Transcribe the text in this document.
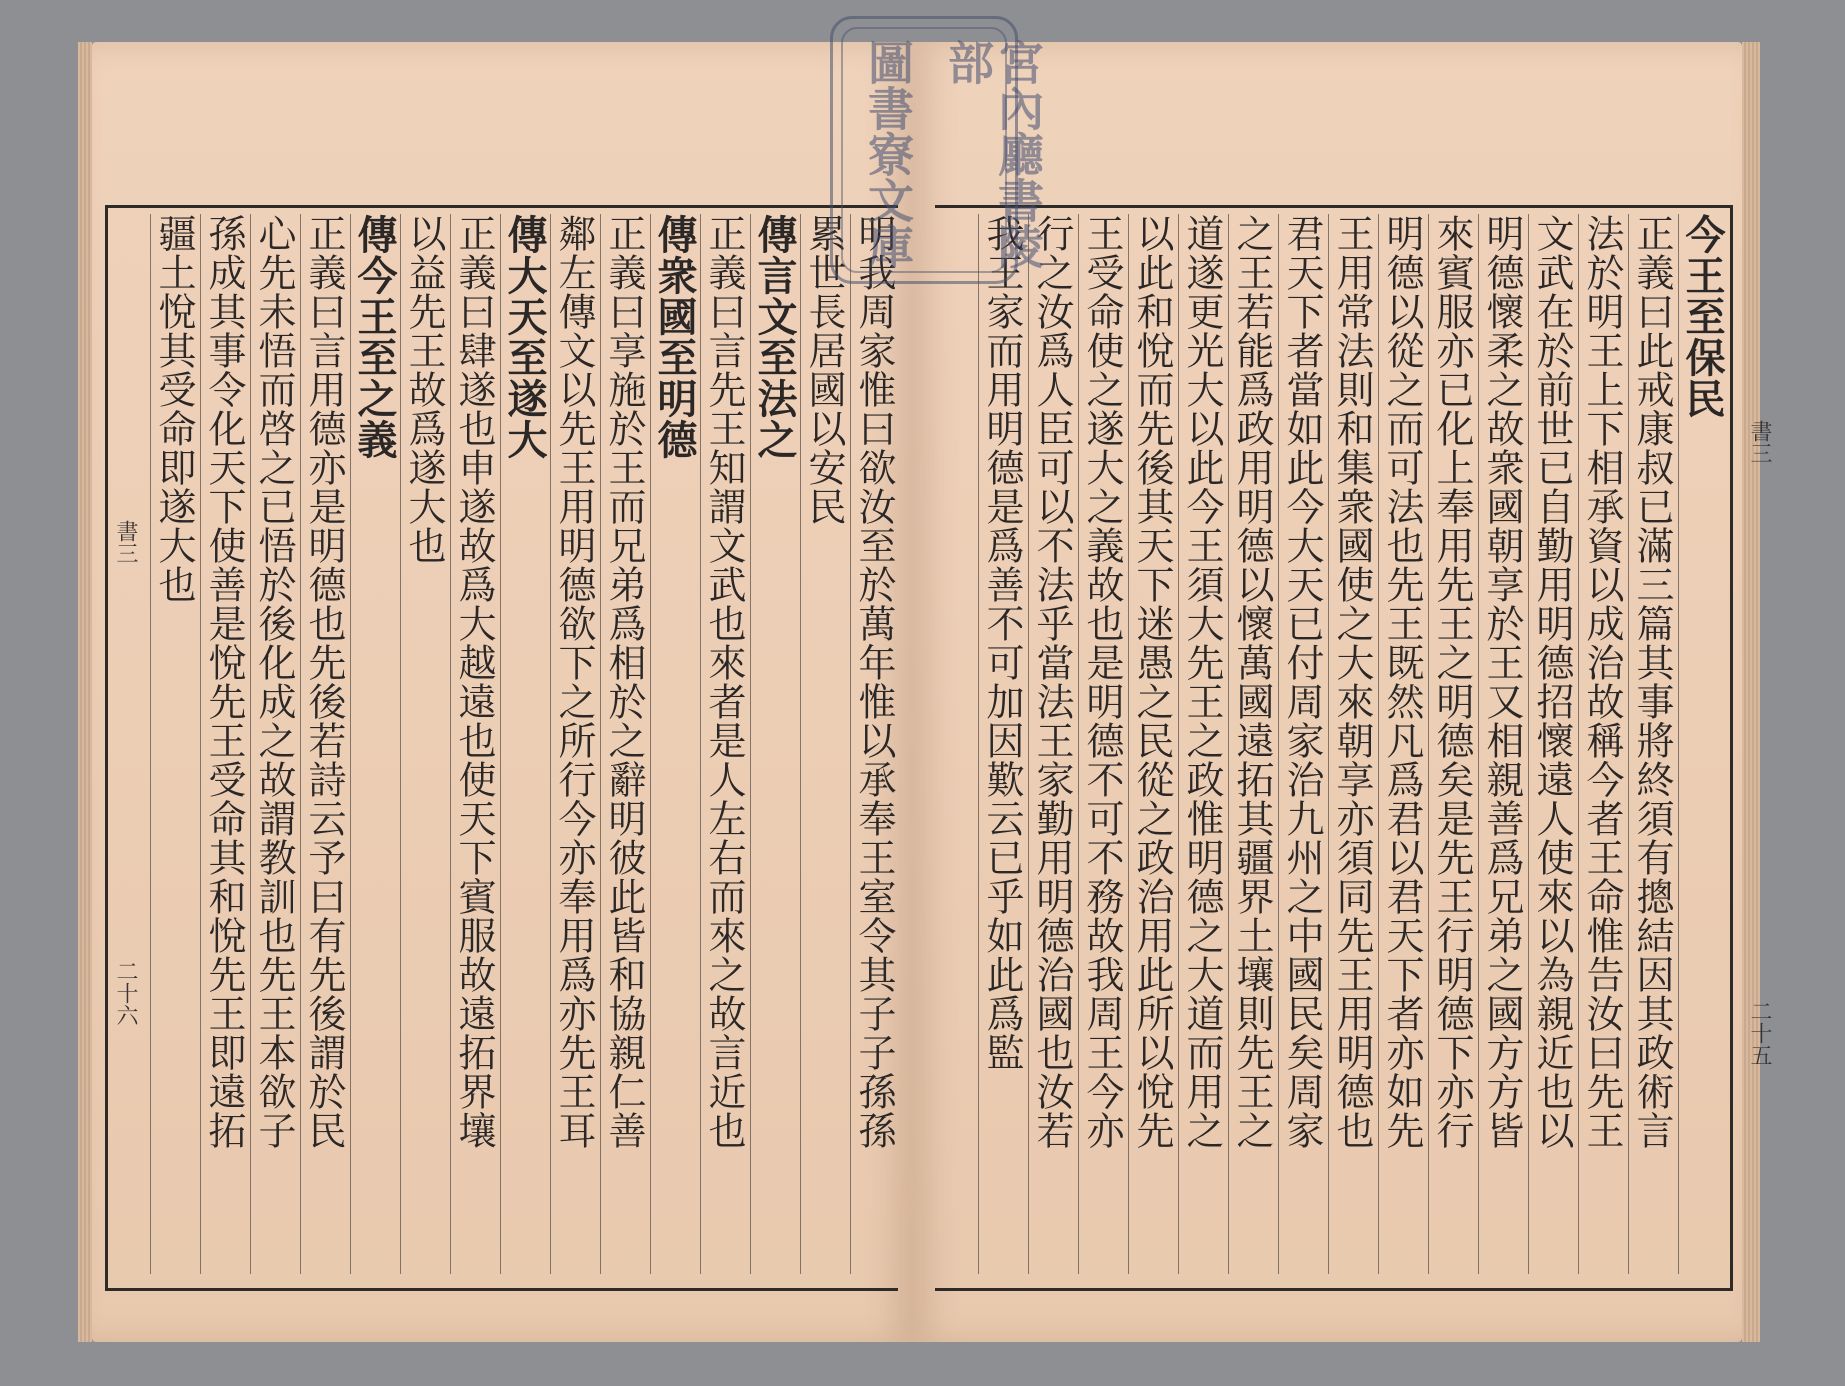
今王至保民
正義曰此戒康叔已滿三篇其事將終須有摠結因其政術言
法於明王上下相承資以成治故稱今者王命惟告汝曰先王
文武在於前世已自勤用明德招懷遠人使來以為親近也以
明德懷柔之故衆國朝享於王又相親善爲兄弟之國方方皆
來賓服亦已化上奉用先王之明德矣是先王行明德下亦行
明德以從之而可法也先王既然凡爲君以君天下者亦如先
王用常法則和集衆國使之大來朝享亦須同先王用明德也
君天下者當如此今大天已付周家治九州之中國民矣周家
之王若能爲政用明德以懷萬國遠拓其疆界土壤則先王之
道遂更光大以此今王須大先王之政惟明德之大道而用之
以此和悅而先後其天下迷愚之民從之政治用此所以悅先
王受命使之遂大之義故也是明德不可不務故我周王今亦
行之汝爲人臣可以不法乎當法王家勤用明德治國也汝若
我王家而用明德是爲善不可加因歎云已乎如此爲監
明我周家惟曰欲汝至於萬年惟以承奉王室令其子子孫孫
累世長居國以安民
傳言文至法之
正義曰言先王知謂文武也來者是人左右而來之故言近也
傳衆國至明德
正義曰享施於王而兄弟爲相於之辭明彼此皆和協親仁善
鄰左傳文以先王用明德欲下之所行今亦奉用爲亦先王耳
傳大天至遂大
正義曰肆遂也申遂故爲大越遠也使天下賓服故遠拓界壤
以益先王故爲遂大也
傳今王至之義
正義曰言用德亦是明德也先後若詩云予曰有先後謂於民
心先未悟而啓之已悟於後化成之故謂教訓也先王本欲子
孫成其事令化天下使善是悅先王受命其和悅先王即遠拓
疆土悅其受命即遂大也	書三
二十五
書三
二十六
宮內廳書陵部
圖書寮文庫
